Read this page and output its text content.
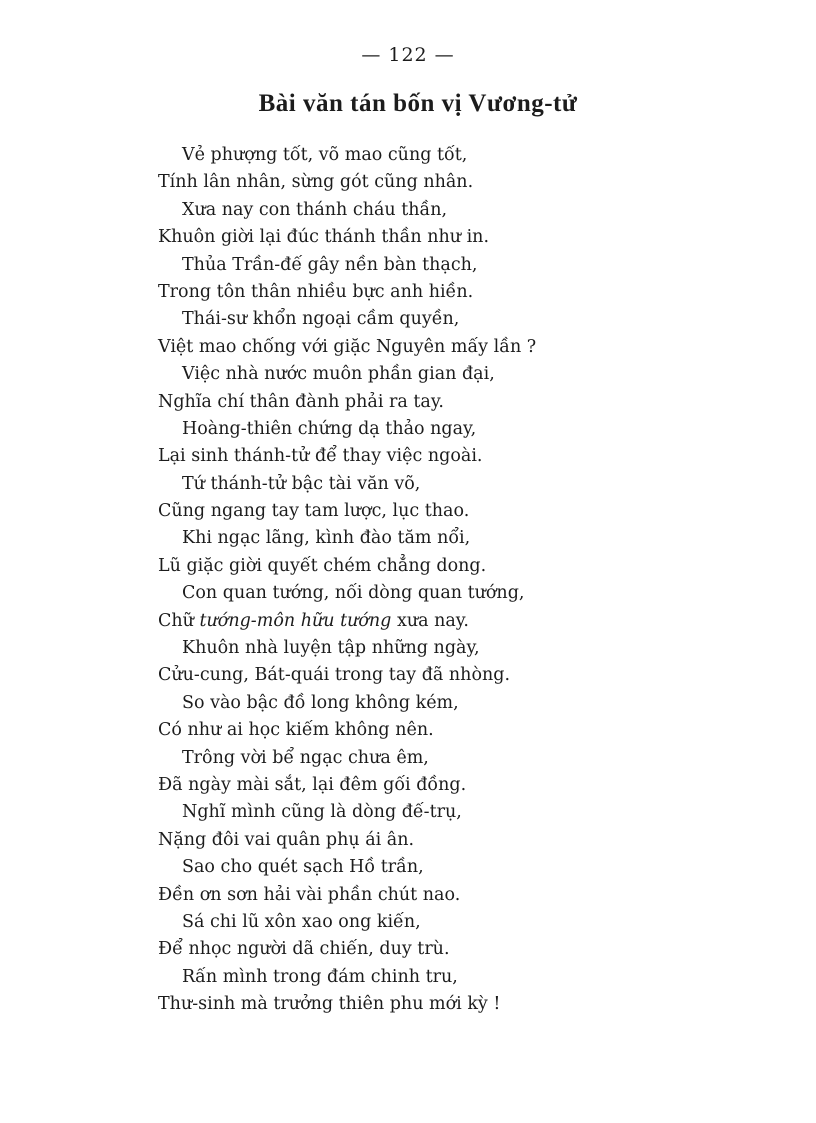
— 122 —
Bài văn tán bốn vị Vương-tử
Vẻ phượng tốt, võ mao cũng tốt,
Tính lân nhân, sừng gót cũng nhân.
Xưa nay con thánh cháu thần,
Khuôn giời lại đúc thánh thần như in.
Thủa Trần-đế gây nền bàn thạch,
Trong tôn thân nhiều bực anh hiền.
Thái-sư khổn ngoại cầm quyền,
Việt mao chống với giặc Nguyên mấy lần ?
Việc nhà nước muôn phần gian đại,
Nghĩa chí thân đành phải ra tay.
Hoàng-thiên chứng dạ thảo ngay,
Lại sinh thánh-tử để thay việc ngoài.
Tứ thánh-tử bậc tài văn võ,
Cũng ngang tay tam lược, lục thao.
Khi ngạc lãng, kình đào tăm nổi,
Lũ giặc giời quyết chém chẳng dong.
Con quan tướng, nối dòng quan tướng,
Chữ tướng-môn hữu tướng xưa nay.
Khuôn nhà luyện tập những ngày,
Cửu-cung, Bát-quái trong tay đã nhòng.
So vào bậc đồ long không kém,
Có như ai học kiếm không nên.
Trông vời bể ngạc chưa êm,
Đã ngày mài sắt, lại đêm gối đồng.
Nghĩ mình cũng là dòng đế-trụ,
Nặng đôi vai quân phụ ái ân.
Sao cho quét sạch Hồ trần,
Đền ơn sơn hải vài phần chút nao.
Sá chi lũ xôn xao ong kiến,
Để nhọc người dã chiến, duy trù.
Rấn mình trong đám chinh tru,
Thư-sinh mà trưởng thiên phu mới kỳ !
